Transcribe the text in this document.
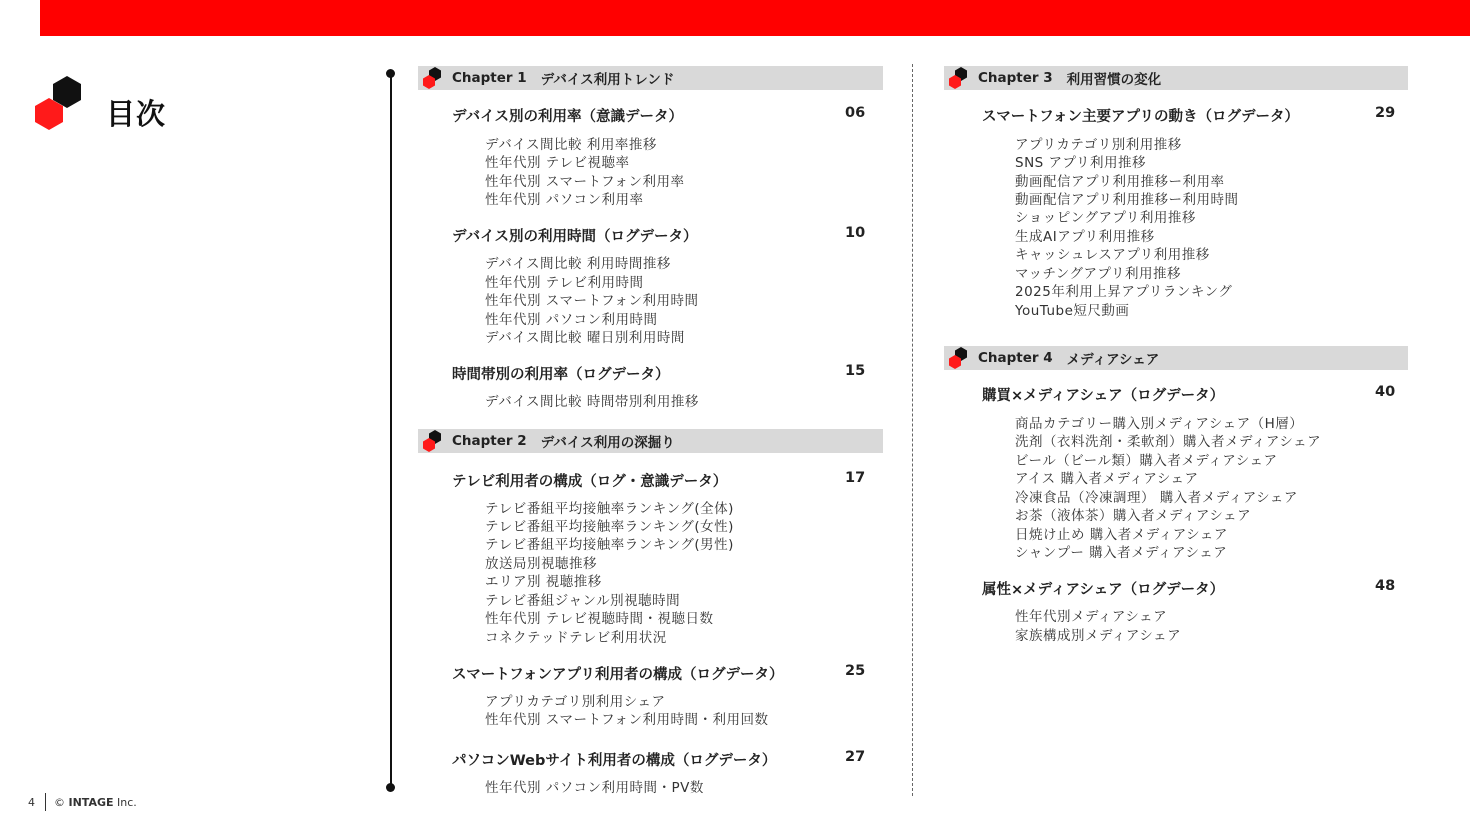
目次
Chapter 1 デバイス利用トレンド
デバイス別の利用率（意識データ）	06
デバイス間比較 利用率推移
性年代別 テレビ視聴率
性年代別 スマートフォン利用率
性年代別 パソコン利用率
デバイス別の利用時間（ログデータ）	10
デバイス間比較 利用時間推移
性年代別 テレビ利用時間
性年代別 スマートフォン利用時間
性年代別 パソコン利用時間
デバイス間比較 曜日別利用時間
時間帯別の利用率（ログデータ）	15
デバイス間比較 時間帯別利用推移
Chapter 2 デバイス利用の深掘り
テレビ利用者の構成（ログ・意識データ）	17
テレビ番組平均接触率ランキング(全体)
テレビ番組平均接触率ランキング(女性)
テレビ番組平均接触率ランキング(男性)
放送局別視聴推移
エリア別 視聴推移
テレビ番組ジャンル別視聴時間
性年代別 テレビ視聴時間・視聴日数
コネクテッドテレビ利用状況
スマートフォンアプリ利用者の構成（ログデータ）	25
アプリカテゴリ別利用シェア
性年代別 スマートフォン利用時間・利用回数
パソコンWebサイト利用者の構成（ログデータ）	27
性年代別 パソコン利用時間・PV数
Chapter 3 利用習慣の変化
スマートフォン主要アプリの動き（ログデータ）	29
アプリカテゴリ別利用推移
SNS アプリ利用推移
動画配信アプリ利用推移ー利用率
動画配信アプリ利用推移ー利用時間
ショッピングアプリ利用推移
生成AIアプリ利用推移
キャッシュレスアプリ利用推移
マッチングアプリ利用推移
2025年利用上昇アプリランキング
YouTube短尺動画
Chapter 4 メディアシェア
購買×メディアシェア（ログデータ）	40
商品カテゴリー購入別メディアシェア（H層）
洗剤（衣料洗剤・柔軟剤）購入者メディアシェア
ビール（ビール類）購入者メディアシェア
アイス 購入者メディアシェア
冷凍食品（冷凍調理） 購入者メディアシェア
お茶（液体茶）購入者メディアシェア
日焼け止め 購入者メディアシェア
シャンプー 購入者メディアシェア
属性×メディアシェア（ログデータ）	48
性年代別メディアシェア
家族構成別メディアシェア
4 ©
INTAGE
Inc.
